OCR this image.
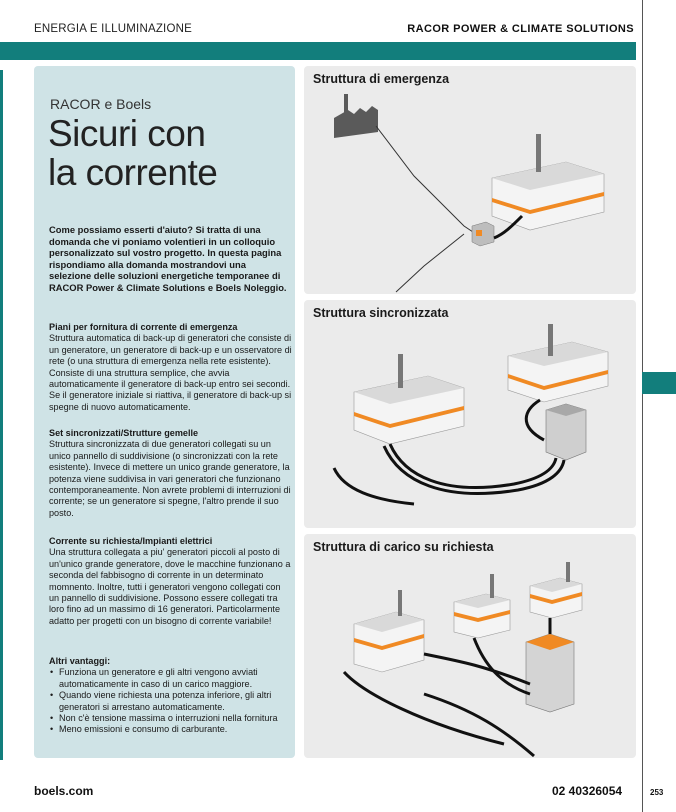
ENERGIA E ILLUMINAZIONE	RACOR POWER & CLIMATE SOLUTIONS
RACOR e Boels
Sicuri con
la corrente
Come possiamo esserti d'aiuto? Si tratta di una domanda che vi poniamo volentieri in un colloquio personalizzato sul vostro progetto. In questa pagina rispondiamo alla domanda mostrandovi una selezione delle soluzioni energetiche temporanee di RACOR Power & Climate Solutions e Boels Noleggio.
Piani per fornitura di corrente di emergenza
Struttura automatica di back-up di generatori che consiste di un generatore, un generatore di back-up e un osservatore di rete (o una struttura di emergenza nella rete esistente). Consiste di una struttura semplice, che avvia automaticamente il generatore di back-up entro sei secondi. Se il generatore iniziale si riattiva, il generatore di back-up si spegne di nuovo automaticamente.
Set sincronizzati/Strutture gemelle
Struttura sincronizzata di due generatori collegati su un unico pannello di suddivisione (o sincronizzati con la rete esistente). Invece di mettere un unico grande generatore, la potenza viene suddivisa in vari generatori che funzionano contemporaneamente. Non avrete problemi di interruzioni di corrente; se un generatore si spegne, l'altro prende il suo posto.
Corrente su richiesta/Impianti elettrici
Una struttura collegata a piu' generatori piccoli al posto di un'unico grande generatore, dove le macchine funzionano a seconda del fabbisogno di corrente in un determinato momnento. Inoltre, tutti i generatori vengono collegati con un pannello di suddivisione. Possono essere collegati tra loro fino ad un massimo di 16 generatori. Particolarmente adatto per progetti con un bisogno di corrente variabile!
Altri vantaggi:
• Funziona un generatore e gli altri vengono avviati automaticamente in caso di un carico maggiore.
• Quando viene richiesta una potenza inferiore, gli altri generatori si arrestano automaticamente.
• Non c'è tensione massima o interruzioni nella fornitura
• Meno emissioni e consumo di carburante.
Struttura di emergenza
Struttura sincronizzata
Struttura di carico su richiesta
boels.com	02 40326054	253
